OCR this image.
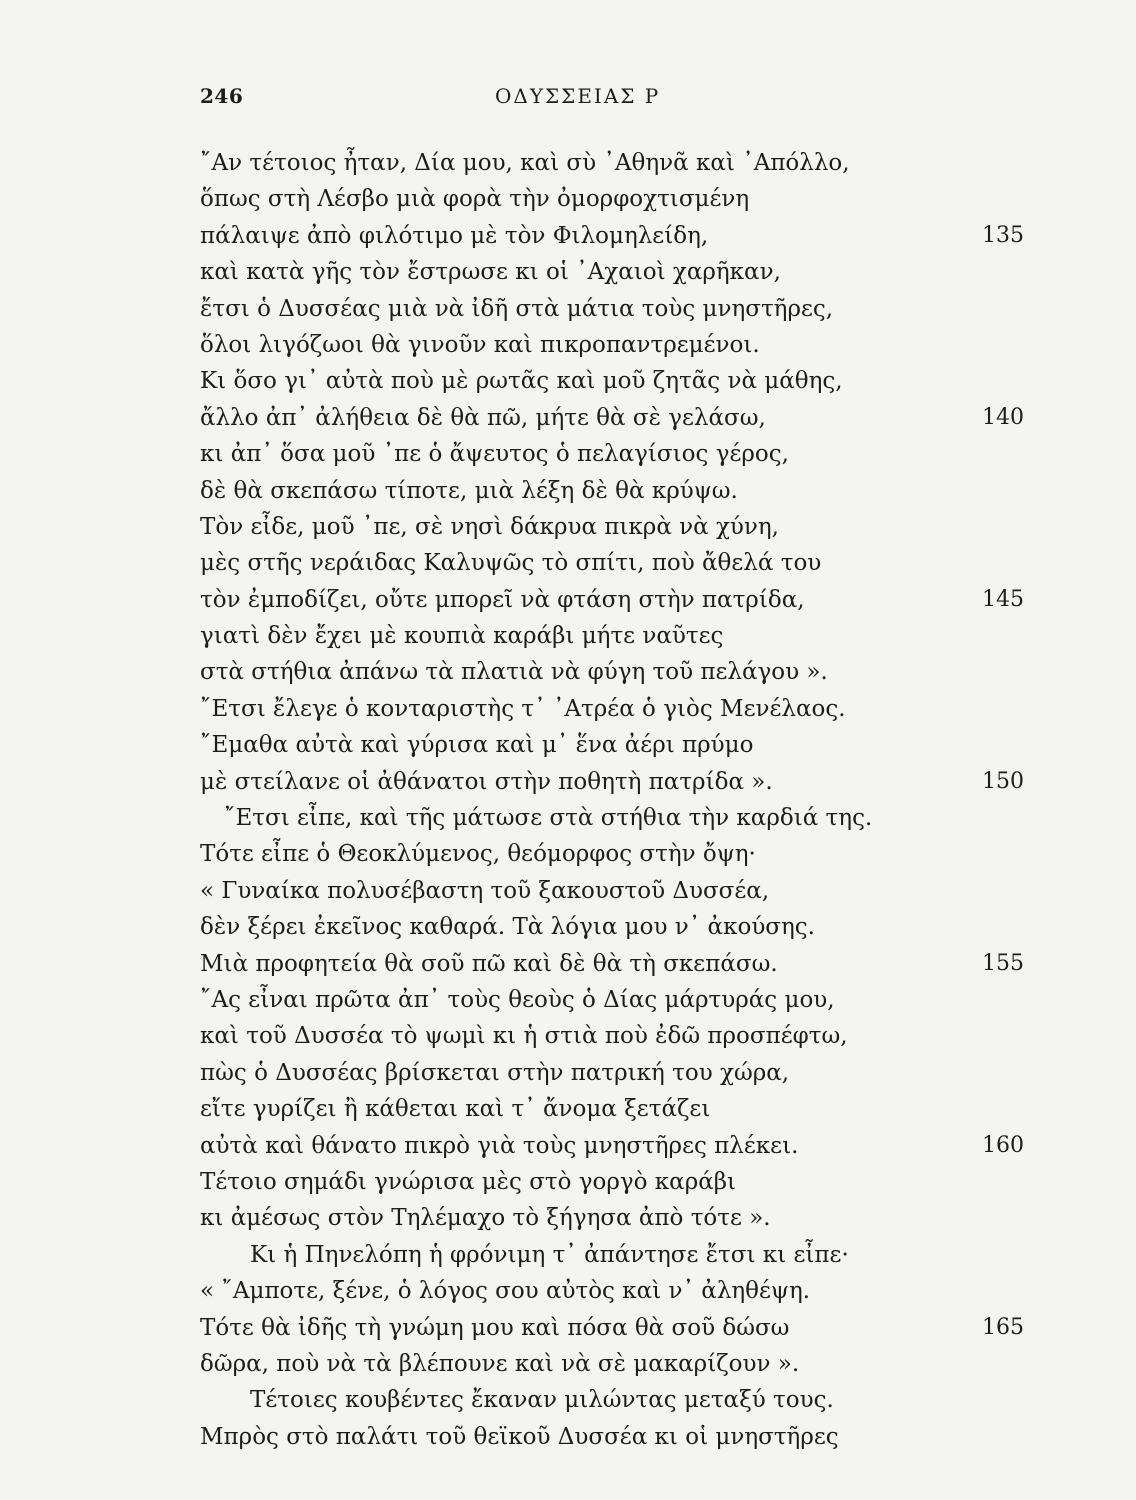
246	ΟΔΥΣΣΕΙΑΣ Ρ
῎Αν τέτοιος ἦταν, Δία μου, καὶ σὺ ᾿Αθηνᾶ καὶ ᾿Απόλλο,
ὅπως στὴ Λέσβο μιὰ φορὰ τὴν ὀμορφοχτισμένη
πάλαιψε ἀπὸ φιλότιμο μὲ τὸν Φιλομηλείδη,	135
καὶ κατὰ γῆς τὸν ἔστρωσε κι οἱ ᾿Αχαιοὶ χαρῆκαν,
ἔτσι ὁ Δυσσέας μιὰ νὰ ἰδῆ στὰ μάτια τοὺς μνηστῆρες,
ὅλοι λιγόζωοι θὰ γινοῦν καὶ πικροπαντρεμένοι.
Κι ὅσο γι᾿ αὐτὰ ποὺ μὲ ρωτᾶς καὶ μοῦ ζητᾶς νὰ μάθης,
ἄλλο ἀπ᾿ ἀλήθεια δὲ θὰ πῶ, μήτε θὰ σὲ γελάσω,	140
κι ἀπ᾿ ὅσα μοῦ ᾿πε ὁ ἄψευτος ὁ πελαγίσιος γέρος,
δὲ θὰ σκεπάσω τίποτε, μιὰ λέξη δὲ θὰ κρύψω.
Τὸν εἶδε, μοῦ ᾿πε, σὲ νησὶ δάκρυα πικρὰ νὰ χύνη,
μὲς στῆς νεράιδας Καλυψῶς τὸ σπίτι, ποὺ ἄθελά του
τὸν ἐμποδίζει, οὔτε μπορεῖ νὰ φτάση στὴν πατρίδα,	145
γιατὶ δὲν ἔχει μὲ κουπιὰ καράβι μήτε ναῦτες
στὰ στήθια ἀπάνω τὰ πλατιὰ νὰ φύγη τοῦ πελάγου ».
῎Ετσι ἔλεγε ὁ κονταριστὴς τ᾿ ᾿Ατρέα ὁ γιὸς Μενέλαος.
῎Εμαθα αὐτὰ καὶ γύρισα καὶ μ᾿ ἕνα ἀέρι πρύμο
μὲ στείλανε οἱ ἀθάνατοι στὴν ποθητὴ πατρίδα ».	150
῎Ετσι εἶπε, καὶ τῆς μάτωσε στὰ στήθια τὴν καρδιά της.
Τότε εἶπε ὁ Θεοκλύμενος, θεόμορφος στὴν ὄψη·
« Γυναίκα πολυσέβαστη τοῦ ξακουστοῦ Δυσσέα,
δὲν ξέρει ἐκεῖνος καθαρά. Τὰ λόγια μου ν᾿ ἀκούσης.
Μιὰ προφητεία θὰ σοῦ πῶ καὶ δὲ θὰ τὴ σκεπάσω.	155
῎Ας εἶναι πρῶτα ἀπ᾿ τοὺς θεοὺς ὁ Δίας μάρτυράς μου,
καὶ τοῦ Δυσσέα τὸ ψωμὶ κι ἡ στιὰ ποὺ ἐδῶ προσπέφτω,
πὼς ὁ Δυσσέας βρίσκεται στὴν πατρική του χώρα,
εἴτε γυρίζει ἢ κάθεται καὶ τ᾿ ἄνομα ξετάζει
αὐτὰ καὶ θάνατο πικρὸ γιὰ τοὺς μνηστῆρες πλέκει.	160
Τέτοιο σημάδι γνώρισα μὲς στὸ γοργὸ καράβι
κι ἀμέσως στὸν Τηλέμαχο τὸ ξήγησα ἀπὸ τότε ».
Κι ἡ Πηνελόπη ἡ φρόνιμη τ᾿ ἀπάντησε ἔτσι κι εἶπε·
« ῎Αμποτε, ξένε, ὁ λόγος σου αὐτὸς καὶ ν᾿ ἀληθέψη.
Τότε θὰ ἰδῆς τὴ γνώμη μου καὶ πόσα θὰ σοῦ δώσω	165
δῶρα, ποὺ νὰ τὰ βλέπουνε καὶ νὰ σὲ μακαρίζουν ».
Τέτοιες κουβέντες ἔκαναν μιλώντας μεταξύ τους.
Μπρὸς στὸ παλάτι τοῦ θεϊκοῦ Δυσσέα κι οἱ μνηστῆρες
